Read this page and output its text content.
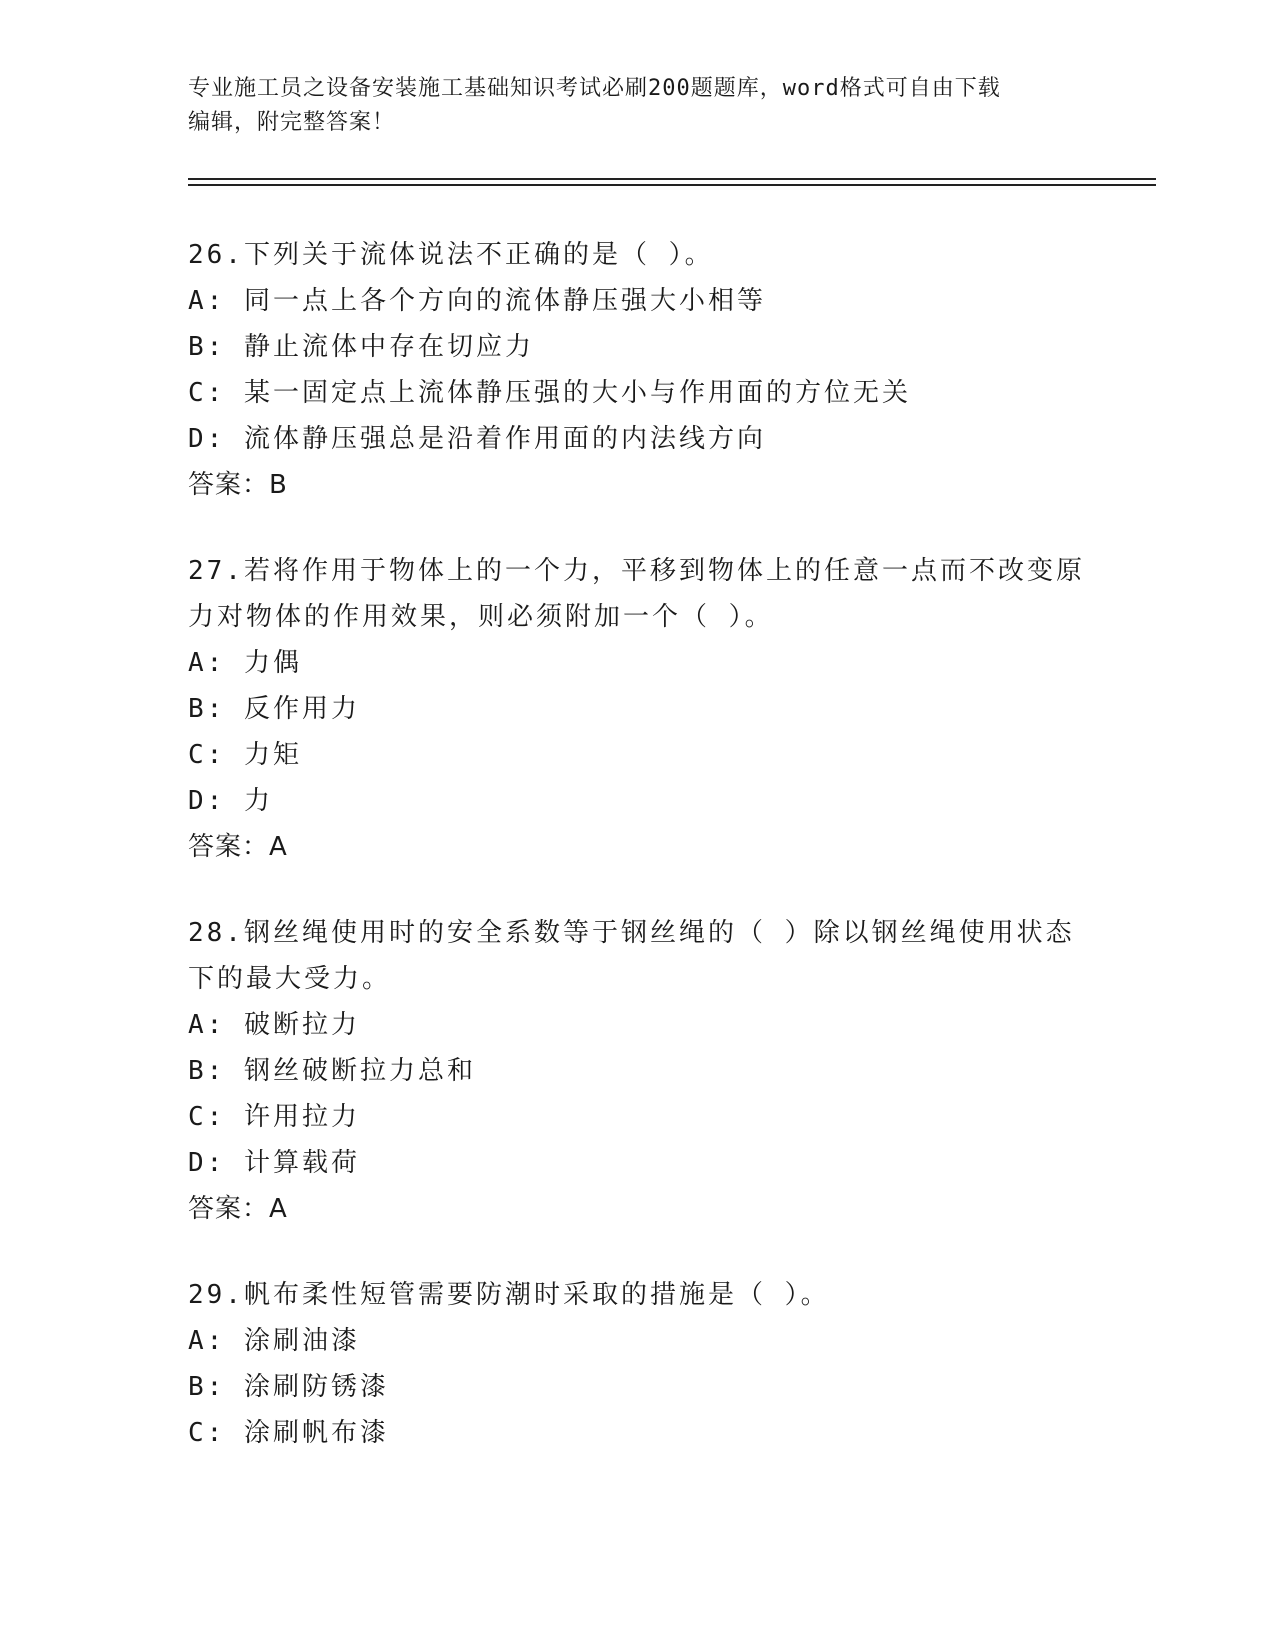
专业施工员之设备安装施工基础知识考试必刷200题题库，word格式可自由下载
编辑，附完整答案！
26.下列关于流体说法不正确的是（ ）。
A: 同一点上各个方向的流体静压强大小相等
B: 静止流体中存在切应力
C: 某一固定点上流体静压强的大小与作用面的方位无关
D: 流体静压强总是沿着作用面的内法线方向
答案：B
27.若将作用于物体上的一个力，平移到物体上的任意一点而不改变原
力对物体的作用效果，则必须附加一个（ ）。
A: 力偶
B: 反作用力
C: 力矩
D: 力
答案：A
28.钢丝绳使用时的安全系数等于钢丝绳的（ ）除以钢丝绳使用状态
下的最大受力。
A: 破断拉力
B: 钢丝破断拉力总和
C: 许用拉力
D: 计算载荷
答案：A
29.帆布柔性短管需要防潮时采取的措施是（ ）。
A: 涂刷油漆
B: 涂刷防锈漆
C: 涂刷帆布漆
